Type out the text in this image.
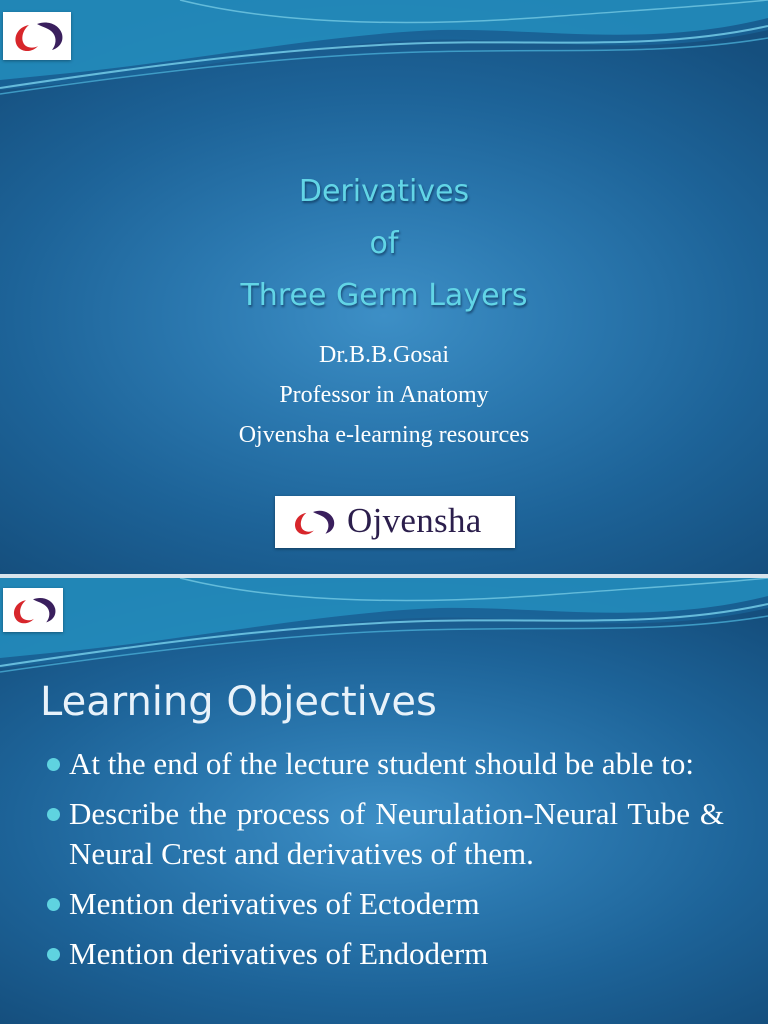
Derivatives
of
Three Germ Layers
Dr.B.B.Gosai
Professor in Anatomy
Ojvensha e-learning resources
Ojvensha
Learning Objectives
At the end of the lecture student should be able to:
Describe the process of Neurulation-Neural Tube & Neural Crest and derivatives of them.
Mention derivatives of Ectoderm
Mention derivatives of Endoderm
